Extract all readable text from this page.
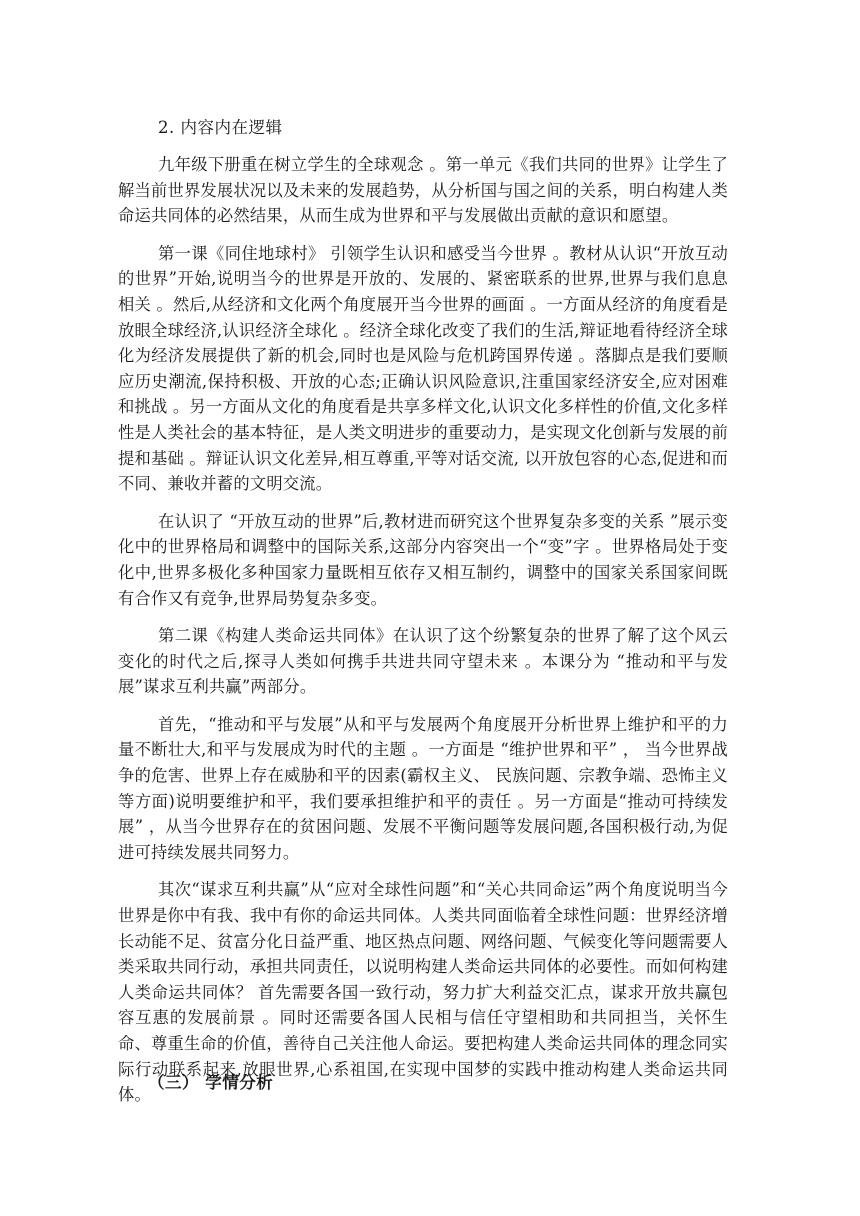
2. 内容内在逻辑

九年级下册重在树立学生的全球观念 。第一单元《我们共同的世界》让学生了解当前世界发展状况以及未来的发展趋势，从分析国与国之间的关系，明白构建人类命运共同体的必然结果，从而生成为世界和平与发展做出贡献的意识和愿望。

第一课《同住地球村》 引领学生认识和感受当今世界 。教材从认识“开放互动的世界”开始,说明当今的世界是开放的、发展的、紧密联系的世界,世界与我们息息相关 。然后,从经济和文化两个角度展开当今世界的画面 。一方面从经济的角度看是放眼全球经济,认识经济全球化 。经济全球化改变了我们的生活,辩证地看待经济全球化为经济发展提供了新的机会,同时也是风险与危机跨国界传递 。落脚点是我们要顺应历史潮流,保持积极、开放的心态;正确认识风险意识,注重国家经济安全,应对困难和挑战 。另一方面从文化的角度看是共享多样文化,认识文化多样性的价值,文化多样性是人类社会的基本特征，是人类文明进步的重要动力，是实现文化创新与发展的前提和基础 。辩证认识文化差异,相互尊重,平等对话交流, 以开放包容的心态,促进和而不同、兼收并蓄的文明交流。

在认识了 “开放互动的世界”后,教材进而研究这个世界复杂多变的关系 ”展示变化中的世界格局和调整中的国际关系,这部分内容突出一个“变”字 。世界格局处于变化中,世界多极化多种国家力量既相互依存又相互制约，调整中的国家关系国家间既有合作又有竞争,世界局势复杂多变。

第二课《构建人类命运共同体》在认识了这个纷繁复杂的世界了解了这个风云变化的时代之后,探寻人类如何携手共进共同守望未来 。本课分为 “推动和平与发展”谋求互利共赢”两部分。

首先，“推动和平与发展”从和平与发展两个角度展开分析世界上维护和平的力量不断壮大,和平与发展成为时代的主题 。一方面是 “维护世界和平” ， 当今世界战争的危害、世界上存在威胁和平的因素(霸权主义、 民族问题、宗教争端、恐怖主义等方面)说明要维护和平，我们要承担维护和平的责任 。另一方面是“推动可持续发展” ，从当今世界存在的贫困问题、发展不平衡问题等发展问题,各国积极行动,为促进可持续发展共同努力。

其次“谋求互利共赢”从“应对全球性问题”和“关心共同命运”两个角度说明当今世界是你中有我、我中有你的命运共同体。人类共同面临着全球性问题：世界经济增长动能不足、贫富分化日益严重、地区热点问题、网络问题、气候变化等问题需要人类采取共同行动，承担共同责任，以说明构建人类命运共同体的必要性。而如何构建人类命运共同体？ 首先需要各国一致行动，努力扩大利益交汇点，谋求开放共赢包容互惠的发展前景 。同时还需要各国人民相与信任守望相助和共同担当，关怀生命、尊重生命的价值，善待自己关注他人命运。要把构建人类命运共同体的理念同实际行动联系起来,放眼世界,心系祖国,在实现中国梦的实践中推动构建人类命运共同体。

（三） 学情分析
